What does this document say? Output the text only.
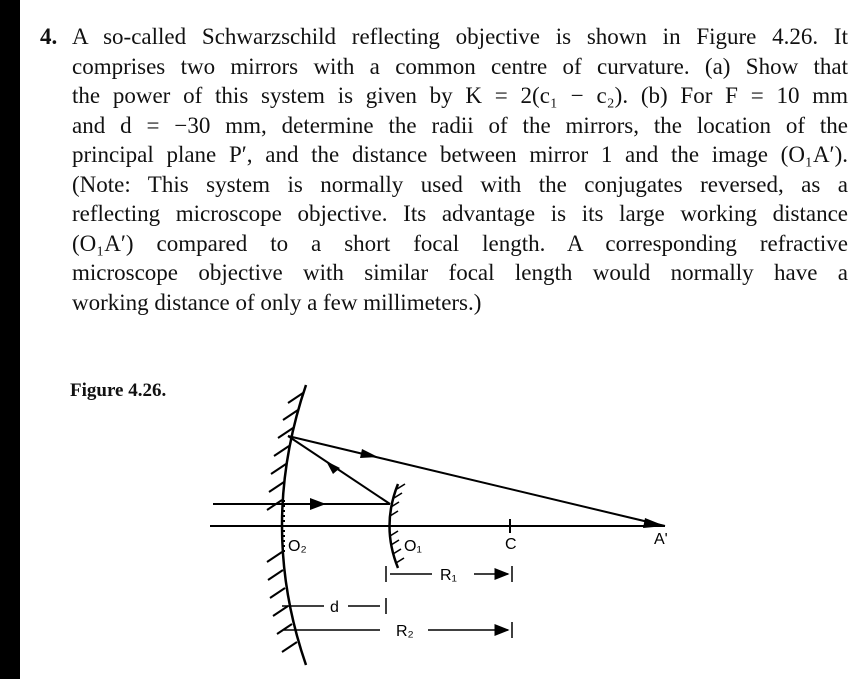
4. A so-called Schwarzschild reflecting objective is shown in Figure 4.26. It
comprises two mirrors with a common centre of curvature. (a) Show that
the power of this system is given by K = 2(c₁ − c₂). (b) For F = 10 mm
and d = −30 mm, determine the radii of the mirrors, the location of the
principal plane P′, and the distance between mirror 1 and the image (O₁A′).
(Note: This system is normally used with the conjugates reversed, as a
reflecting microscope objective. Its advantage is its large working distance
(O₁A′) compared to a short focal length. A corresponding refractive
microscope objective with similar focal length would normally have a
working distance of only a few millimeters.)
Figure 4.26.
O₂	O₁	C	A'
R₁
d
R₂
